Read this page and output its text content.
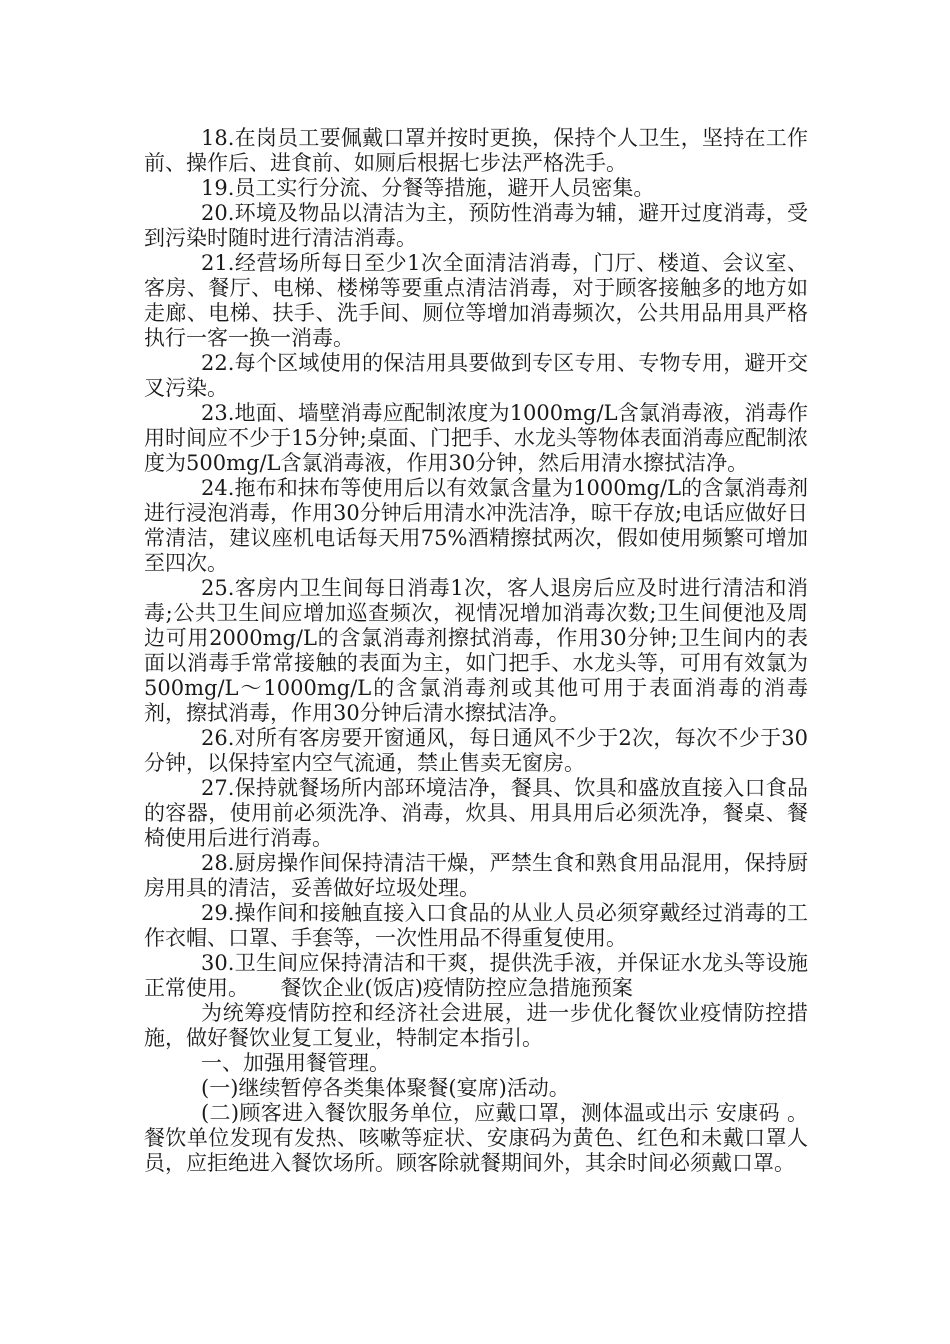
18.在岗员工要佩戴口罩并按时更换，保持个人卫生，坚持在工作前、操作后、进食前、如厕后根据七步法严格洗手。

19.员工实行分流、分餐等措施，避开人员密集。

20.环境及物品以清洁为主，预防性消毒为辅，避开过度消毒，受到污染时随时进行清洁消毒。

21.经营场所每日至少1次全面清洁消毒，门厅、楼道、会议室、客房、餐厅、电梯、楼梯等要重点清洁消毒，对于顾客接触多的地方如走廊、电梯、扶手、洗手间、厕位等增加消毒频次，公共用品用具严格执行一客一换一消毒。

22.每个区域使用的保洁用具要做到专区专用、专物专用，避开交叉污染。

23.地面、墙壁消毒应配制浓度为1000mg/L含氯消毒液，消毒作用时间应不少于15分钟;桌面、门把手、水龙头等物体表面消毒应配制浓度为500mg/L含氯消毒液，作用30分钟，然后用清水擦拭洁净。

24.拖布和抹布等使用后以有效氯含量为1000mg/L的含氯消毒剂进行浸泡消毒，作用30分钟后用清水冲洗洁净，晾干存放;电话应做好日常清洁，建议座机电话每天用75%酒精擦拭两次，假如使用频繁可增加至四次。

25.客房内卫生间每日消毒1次，客人退房后应及时进行清洁和消毒;公共卫生间应增加巡查频次，视情况增加消毒次数;卫生间便池及周边可用2000mg/L的含氯消毒剂擦拭消毒，作用30分钟;卫生间内的表面以消毒手常常接触的表面为主，如门把手、水龙头等，可用有效氯为500mg/L～1000mg/L的含氯消毒剂或其他可用于表面消毒的消毒剂，擦拭消毒，作用30分钟后清水擦拭洁净。

26.对所有客房要开窗通风，每日通风不少于2次，每次不少于30分钟，以保持室内空气流通，禁止售卖无窗房。

27.保持就餐场所内部环境洁净，餐具、饮具和盛放直接入口食品的容器，使用前必须洗净、消毒，炊具、用具用后必须洗净，餐桌、餐椅使用后进行消毒。

28.厨房操作间保持清洁干燥，严禁生食和熟食用品混用，保持厨房用具的清洁，妥善做好垃圾处理。

29.操作间和接触直接入口食品的从业人员必须穿戴经过消毒的工作衣帽、口罩、手套等，一次性用品不得重复使用。

30.卫生间应保持清洁和干爽，提供洗手液，并保证水龙头等设施正常使用。　　餐饮企业(饭店)疫情防控应急措施预案

为统筹疫情防控和经济社会进展，进一步优化餐饮业疫情防控措施，做好餐饮业复工复业，特制定本指引。

一、加强用餐管理。

(一)继续暂停各类集体聚餐(宴席)活动。

(二)顾客进入餐饮服务单位，应戴口罩，测体温或出示 安康码 。餐饮单位发现有发热、咳嗽等症状、安康码为黄色、红色和未戴口罩人员，应拒绝进入餐饮场所。顾客除就餐期间外，其余时间必须戴口罩。
